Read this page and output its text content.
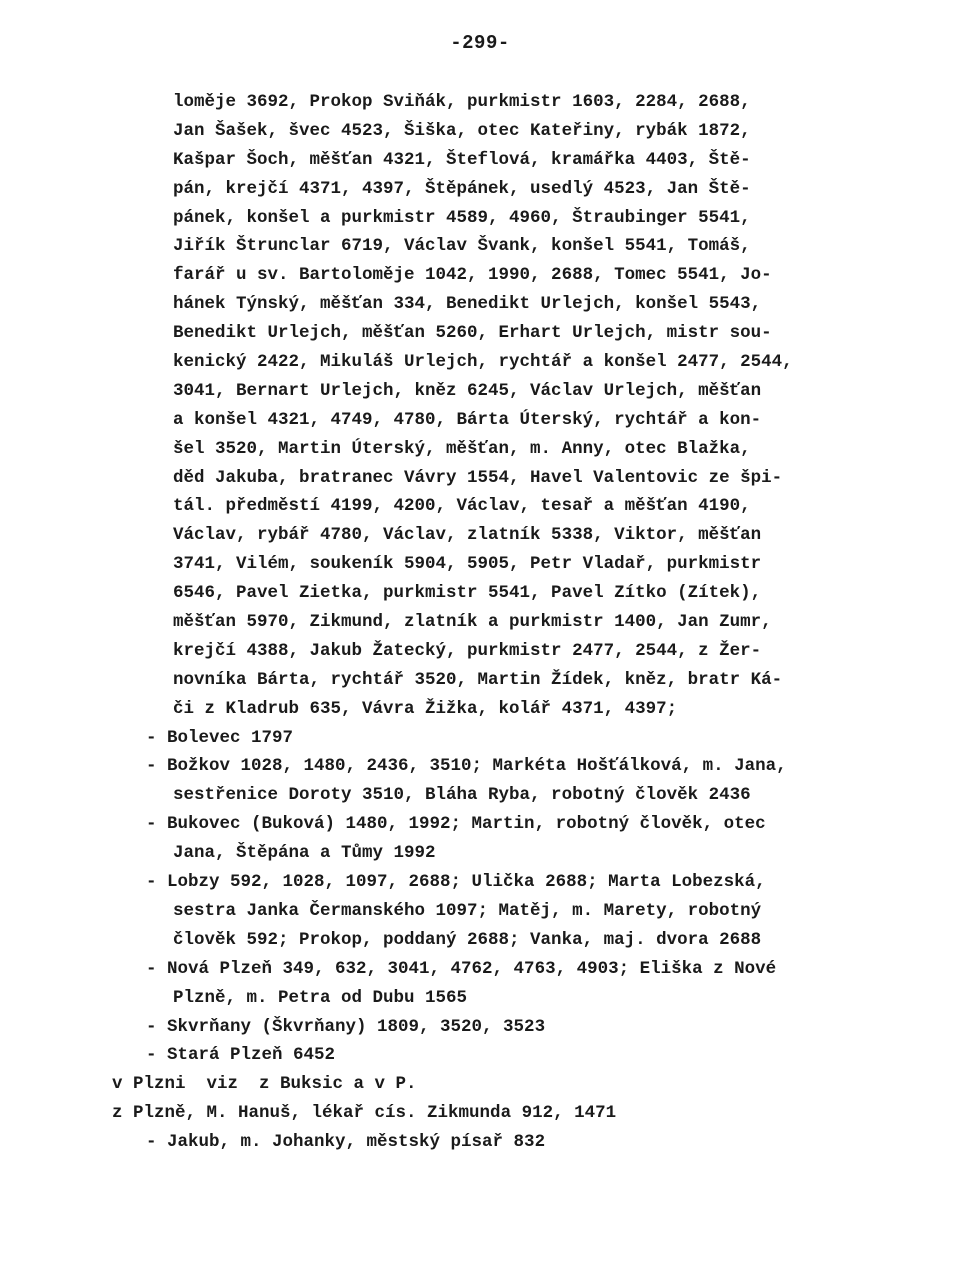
-299-
loměje 3692, Prokop Sviňák, purkmistr 1603, 2284, 2688,
Jan Šašek, švec 4523, Šiška, otec Kateřiny, rybák 1872,
Kašpar Šoch, měšťan 4321, Šteflová, kramářka 4403, Ště-
pán, krejčí 4371, 4397, Štěpánek, usedlý 4523, Jan Ště-
pánek, konšel a purkmistr 4589, 4960, Štraubinger 5541,
Jiřík Štrunclar 6719, Václav Švank, konšel 5541, Tomáš,
farář u sv. Bartoloměje 1042, 1990, 2688, Tomec 5541, Jo-
hánek Týnský, měšťan 334, Benedikt Urlejch, konšel 5543,
Benedikt Urlejch, měšťan 5260, Erhart Urlejch, mistr sou-
kenický 2422, Mikuláš Urlejch, rychtář a konšel 2477, 2544,
3041, Bernart Urlejch, kněz 6245, Václav Urlejch, měšťan
a konšel 4321, 4749, 4780, Bárta Úterský, rychtář a kon-
šel 3520, Martin Úterský, měšťan, m. Anny, otec Blažka,
děd Jakuba, bratranec Vávry 1554, Havel Valentovic ze špi-
tál. předměstí 4199, 4200, Václav, tesař a měšťan 4190,
Václav, rybář 4780, Václav, zlatník 5338, Viktor, měšťan
3741, Vilém, soukeník 5904, 5905, Petr Vladař, purkmistr
6546, Pavel Zietka, purkmistr 5541, Pavel Zítko (Zítek),
měšťan 5970, Zikmund, zlatník a purkmistr 1400, Jan Zumr,
krejčí 4388, Jakub Žatecký, purkmistr 2477, 2544, z Žer-
novníka Bárta, rychtář 3520, Martin Žídek, kněz, bratr Ká-
či z Kladrub 635, Vávra Žižka, kolář 4371, 4397;
- Bolevec 1797
- Božkov 1028, 1480, 2436, 3510; Markéta Hošťálková, m. Jana,
sestřenice Doroty 3510, Bláha Ryba, robotný člověk 2436
- Bukovec (Buková) 1480, 1992; Martin, robotný člověk, otec
Jana, Štěpána a Tůmy 1992
- Lobzy 592, 1028, 1097, 2688; Ulička 2688; Marta Lobezská,
sestra Janka Čermanského 1097; Matěj, m. Marety, robotný
člověk 592; Prokop, poddaný 2688; Vanka, maj. dvora 2688
- Nová Plzeň 349, 632, 3041, 4762, 4763, 4903; Eliška z Nové
Plzně, m. Petra od Dubu 1565
- Skvrňany (Škvrňany) 1809, 3520, 3523
- Stará Plzeň 6452
v Plzni  viz  z Buksic a v P.
z Plzně, M. Hanuš, lékař cís. Zikmunda 912, 1471
- Jakub, m. Johanky, městský písař 832
